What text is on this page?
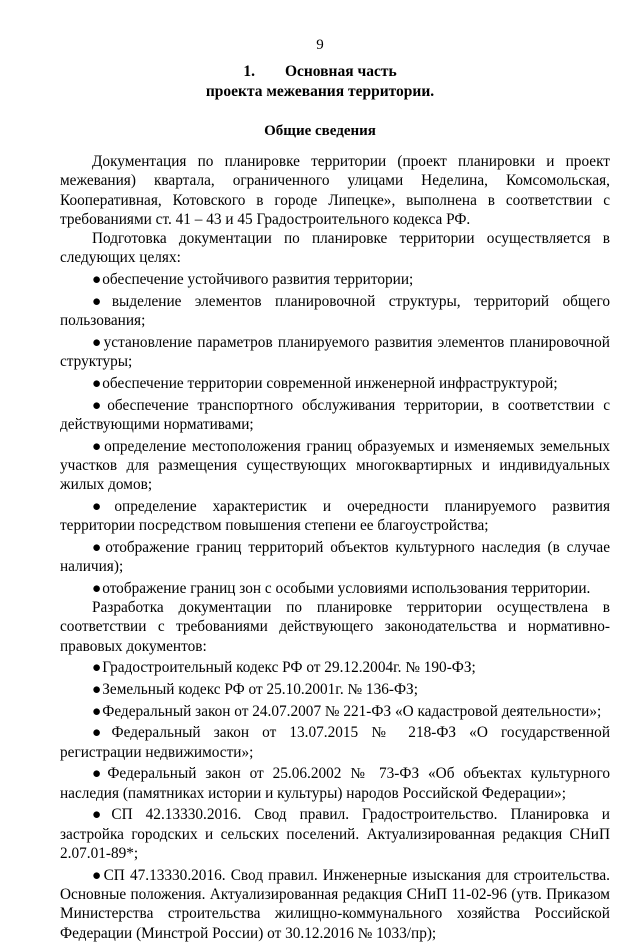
9
1. Основная часть
проекта межевания территории.
Общие сведения

Документация по планировке территории (проект планировки и проект межевания) квартала, ограниченного улицами Неделина, Комсомольская, Кооперативная, Котовского в городе Липецке», выполнена в соответствии с требованиями ст. 41 – 43 и 45 Градостроительного кодекса РФ.

Подготовка документации по планировке территории осуществляется в следующих целях:

●обеспечение устойчивого развития территории;

●выделение элементов планировочной структуры, территорий общего пользования;

●установление параметров планируемого развития элементов планировочной структуры;

●обеспечение территории современной инженерной инфраструктурой;

●обеспечение транспортного обслуживания территории, в соответствии с действующими нормативами;

●определение местоположения границ образуемых и изменяемых земельных участков для размещения существующих многоквартирных и индивидуальных жилых домов;

●определение характеристик и очередности планируемого развития территории посредством повышения степени ее благоустройства;

●отображение границ территорий объектов культурного наследия (в случае наличия);

●отображение границ зон с особыми условиями использования территории.

Разработка документации по планировке территории осуществлена в соответствии с требованиями действующего законодательства и нормативно-правовых документов:

●Градостроительный кодекс РФ от 29.12.2004г. № 190-ФЗ;

●Земельный кодекс РФ от 25.10.2001г. № 136-ФЗ;

●Федеральный закон от 24.07.2007 № 221-ФЗ «О кадастровой деятельности»;

●Федеральный закон от 13.07.2015 № 218-ФЗ «О государственной регистрации недвижимости»;

●Федеральный закон от 25.06.2002 № 73-ФЗ «Об объектах культурного наследия (памятниках истории и культуры) народов Российской Федерации»;

●СП 42.13330.2016. Свод правил. Градостроительство. Планировка и застройка городских и сельских поселений. Актуализированная редакция СНиП 2.07.01-89*;

●СП 47.13330.2016. Свод правил. Инженерные изыскания для строительства. Основные положения. Актуализированная редакция СНиП 11-02-96 (утв. Приказом Министерства строительства жилищно-коммунального хозяйства Российской Федерации (Минстрой России) от 30.12.2016 № 1033/пр);
